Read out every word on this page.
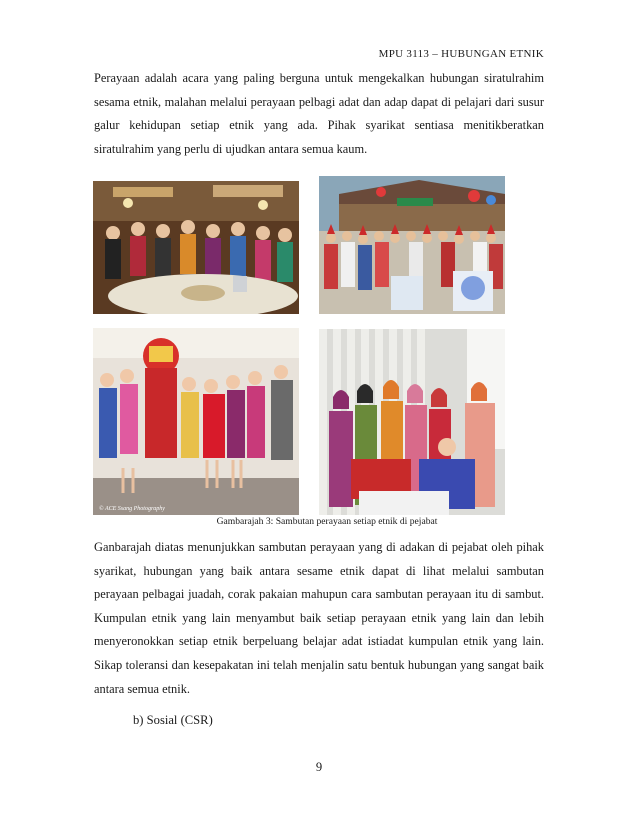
MPU 3113 – HUBUNGAN ETNIK

Perayaan adalah acara yang paling berguna untuk mengekalkan hubungan siratulrahim sesama etnik, malahan melalui perayaan pelbagi adat dan adap dapat di pelajari dari susur galur kehidupan setiap etnik yang ada. Pihak syarikat sentiasa menitikberatkan siratulrahim yang perlu di ujudkan antara semua kaum.

© ACE Ssang Photography
Gambarajah 3: Sambutan perayaan setiap etnik di pejabat

Ganbarajah diatas menunjukkan sambutan perayaan yang di adakan di pejabat oleh pihak syarikat, hubungan yang baik antara sesame etnik dapat di lihat melalui sambutan perayaan pelbagai juadah, corak pakaian mahupun cara sambutan perayaan itu di sambut. Kumpulan etnik yang lain menyambut baik setiap perayaan etnik yang lain dan lebih menyeronokkan setiap etnik berpeluang belajar adat istiadat kumpulan etnik yang lain. Sikap toleransi dan kesepakatan ini telah menjalin satu bentuk hubungan yang sangat baik antara semua etnik.

b) Sosial (CSR)
9
